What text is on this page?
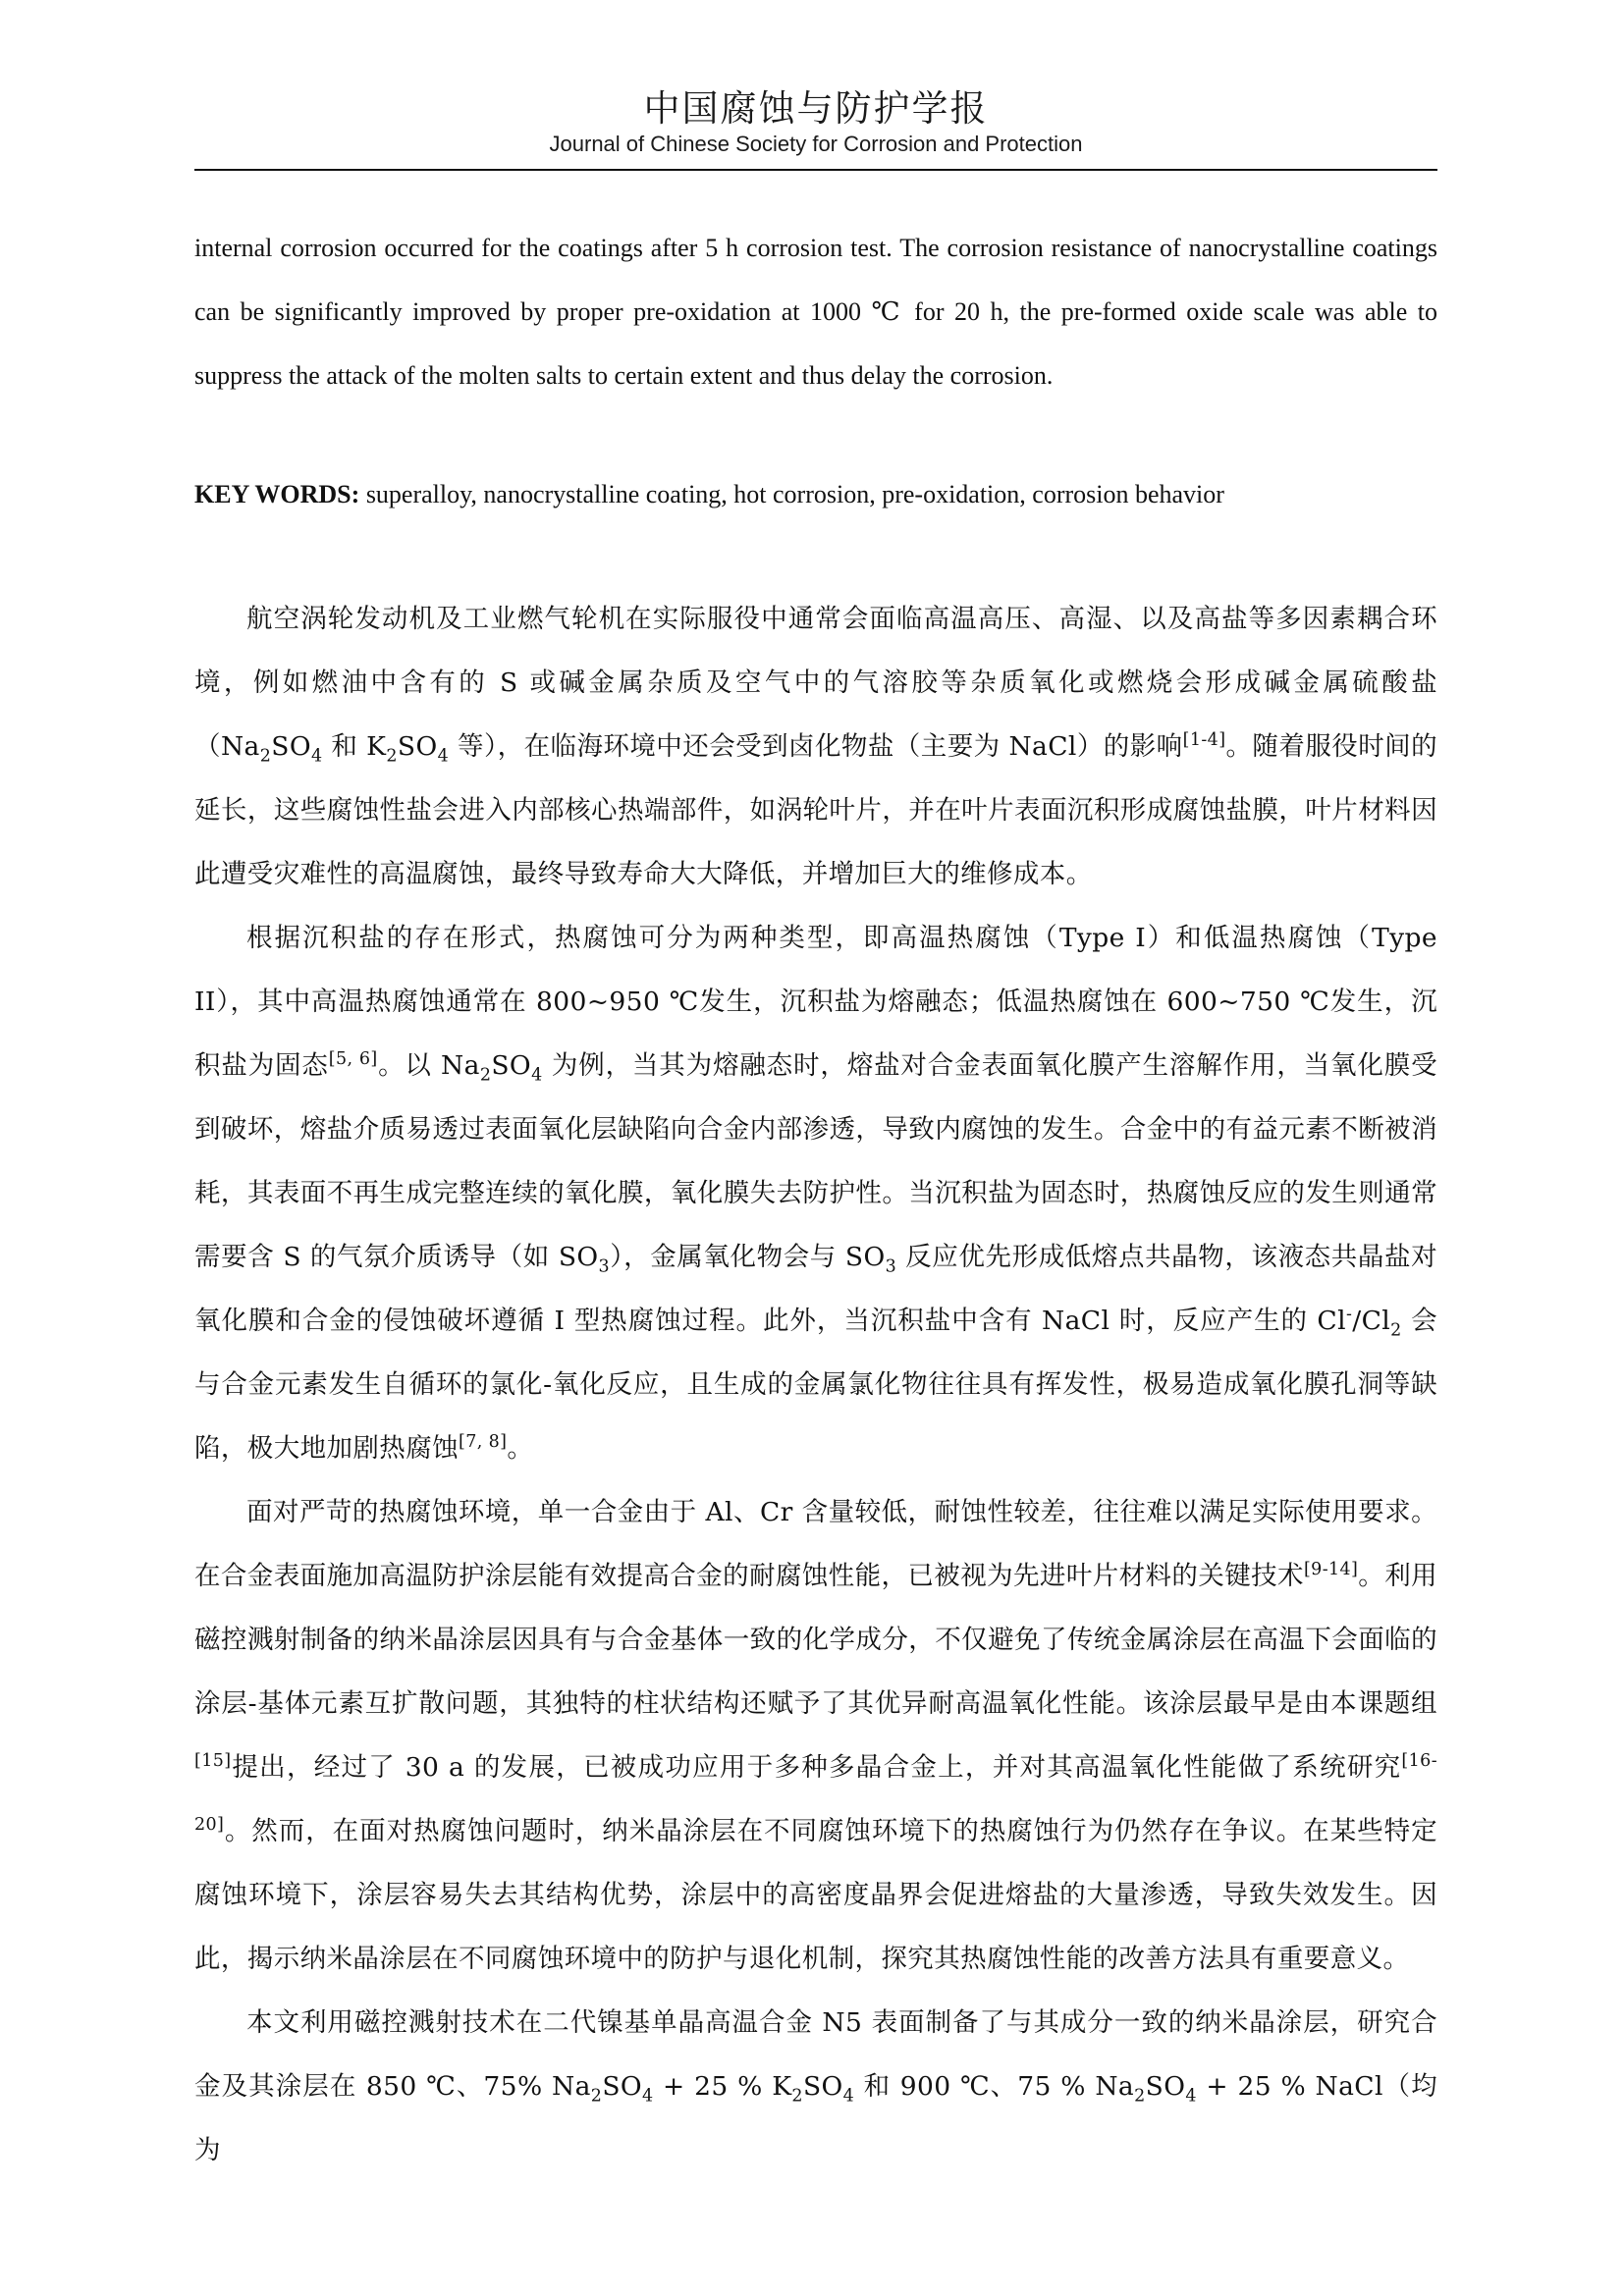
中国腐蚀与防护学报
Journal of Chinese Society for Corrosion and Protection

internal corrosion occurred for the coatings after 5 h corrosion test. The corrosion resistance of nanocrystalline coatings can be significantly improved by proper pre-oxidation at 1000 ℃ for 20 h, the pre-formed oxide scale was able to suppress the attack of the molten salts to certain extent and thus delay the corrosion.

KEY WORDS: superalloy, nanocrystalline coating, hot corrosion, pre-oxidation, corrosion behavior

航空涡轮发动机及工业燃气轮机在实际服役中通常会面临高温高压、高湿、以及高盐等多因素耦合环境，例如燃油中含有的 S 或碱金属杂质及空气中的气溶胶等杂质氧化或燃烧会形成碱金属硫酸盐（$Na_2SO_4$ 和 $K_2SO_4$ 等），在临海环境中还会受到卤化物盐（主要为 NaCl）的影响[1-4]。随着服役时间的延长，这些腐蚀性盐会进入内部核心热端部件，如涡轮叶片，并在叶片表面沉积形成腐蚀盐膜，叶片材料因此遭受灾难性的高温腐蚀，最终导致寿命大大降低，并增加巨大的维修成本。

根据沉积盐的存在形式，热腐蚀可分为两种类型，即高温热腐蚀（Type I）和低温热腐蚀（Type II），其中高温热腐蚀通常在 800~950 ℃发生，沉积盐为熔融态；低温热腐蚀在 600~750 ℃发生，沉积盐为固态[5, 6]。以 $Na_2SO_4$ 为例，当其为熔融态时，熔盐对合金表面氧化膜产生溶解作用，当氧化膜受到破坏，熔盐介质易透过表面氧化层缺陷向合金内部渗透，导致内腐蚀的发生。合金中的有益元素不断被消耗，其表面不再生成完整连续的氧化膜，氧化膜失去防护性。当沉积盐为固态时，热腐蚀反应的发生则通常需要含 S 的气氛介质诱导（如 $SO_3$），金属氧化物会与 $SO_3$ 反应优先形成低熔点共晶物，该液态共晶盐对氧化膜和合金的侵蚀破坏遵循 I 型热腐蚀过程。此外，当沉积盐中含有 NaCl 时，反应产生的 $Cl^-/Cl_2$ 会与合金元素发生自循环的氯化-氧化反应，且生成的金属氯化物往往具有挥发性，极易造成氧化膜孔洞等缺陷，极大地加剧热腐蚀[7, 8]。

面对严苛的热腐蚀环境，单一合金由于 Al、Cr 含量较低，耐蚀性较差，往往难以满足实际使用要求。在合金表面施加高温防护涂层能有效提高合金的耐腐蚀性能，已被视为先进叶片材料的关键技术[9-14]。利用磁控溅射制备的纳米晶涂层因具有与合金基体一致的化学成分，不仅避免了传统金属涂层在高温下会面临的涂层-基体元素互扩散问题，其独特的柱状结构还赋予了其优异耐高温氧化性能。该涂层最早是由本课题组[15]提出，经过了 30 a 的发展，已被成功应用于多种多晶合金上，并对其高温氧化性能做了系统研究[16-20]。然而，在面对热腐蚀问题时，纳米晶涂层在不同腐蚀环境下的热腐蚀行为仍然存在争议。在某些特定腐蚀环境下，涂层容易失去其结构优势，涂层中的高密度晶界会促进熔盐的大量渗透，导致失效发生。因此，揭示纳米晶涂层在不同腐蚀环境中的防护与退化机制，探究其热腐蚀性能的改善方法具有重要意义。

本文利用磁控溅射技术在二代镍基单晶高温合金 N5 表面制备了与其成分一致的纳米晶涂层，研究合金及其涂层在 850 ℃、75% $Na_2SO_4 + 25$ % $K_2SO_4$ 和 900 ℃、75 % $Na_2SO_4 + 25$ % NaCl（均为
